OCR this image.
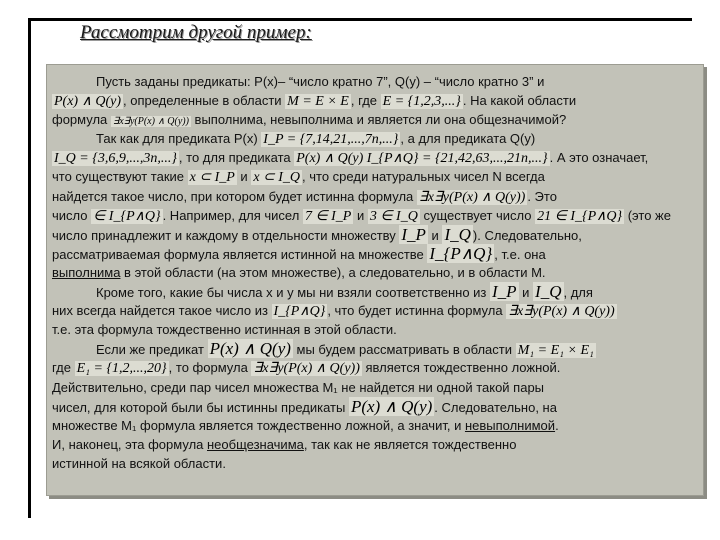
Рассмотрим другой пример:
Пусть заданы предикаты: P(x)– “число кратно 7”, Q(y) – “число кратно 3” и
P(x) ∧ Q(y) , определенные в области M = E × E , где E = {1,2,3,...} . На какой области
формула ∃x∃y(P(x) ∧ Q(y)) выполнима, невыполнима и является ли она общезначимой?
Так как для предиката P(x) I_P = {7,14,21,...,7n,...} , а для предиката Q(y)
I_Q = {3,6,9,...,3n,...} , то для предиката P(x) ∧ Q(y) I_{P∧Q} = {21,42,63,...,21n,...} . А это означает,
что существуют такие x ⊂ I_P и x ⊂ I_Q , что среди натуральных чисел N всегда
найдется такое число, при котором будет истинна формула ∃x∃y(P(x) ∧ Q(y)) . Это
число ∈ I_{P∧Q} . Например, для чисел 7 ∈ I_P и 3 ∈ I_Q существует число 21 ∈ I_{P∧Q} (это же
число принадлежит и каждому в отдельности множеству I_P и I_Q ). Следовательно,
рассматриваемая формула является истинной на множестве I_{P∧Q} , т.е. она
выполнима в этой области (на этом множестве), а следовательно, и в области M.
Кроме того, какие бы числа x и y мы ни взяли соответственно из I_P и I_Q , для
них всегда найдется такое число из I_{P∧Q} , что будет истинна формула ∃x∃y(P(x) ∧ Q(y))
т.е. эта формула тождественно истинная в этой области.
Если же предикат P(x) ∧ Q(y) мы будем рассматривать в области M₁ = E₁ × E₁
где E₁ = {1,2,...,20} , то формула ∃x∃y(P(x) ∧ Q(y)) является тождественно ложной.
Действительно, среди пар чисел множества M₁ не найдется ни одной такой пары
чисел, для которой были бы истинны предикаты P(x) ∧ Q(y) . Следовательно, на
множестве M₁ формула является тождественно ложной, а значит, и невыполнимой.
И, наконец, эта формула необщезначима, так как не является тождественно
истинной на всякой области.
